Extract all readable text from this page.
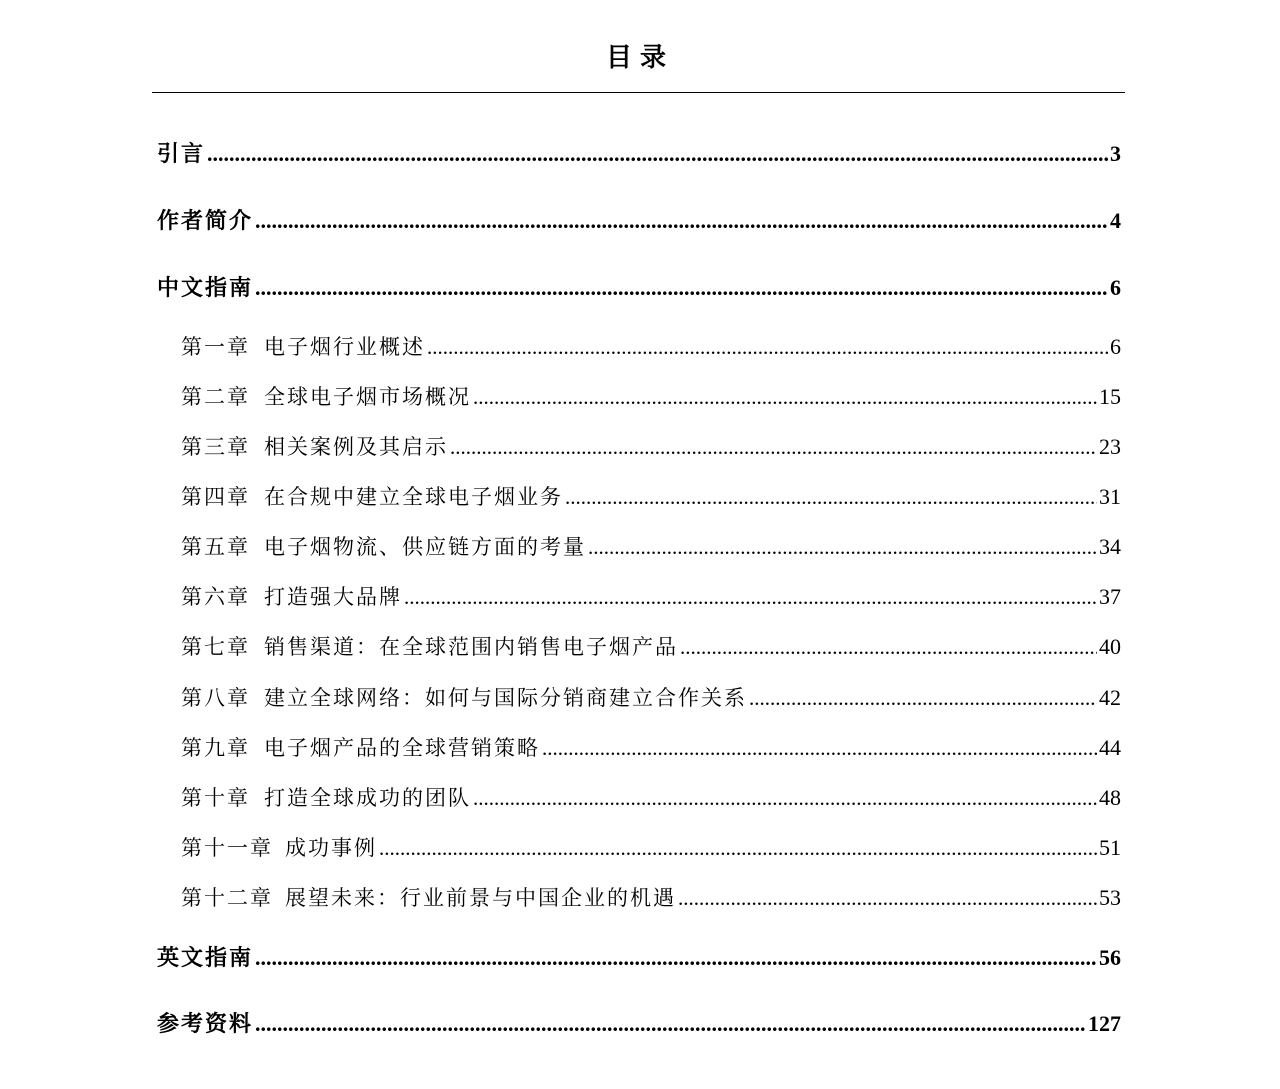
目录
引言 .....	3
作者简介 .....	4
中文指南 .....	6
第一章 电子烟行业概述 .....	6
第二章 全球电子烟市场概况 .....	15
第三章 相关案例及其启示 .....	23
第四章 在合规中建立全球电子烟业务 .....	31
第五章 电子烟物流、供应链方面的考量 .....	34
第六章 打造强大品牌 .....	37
第七章 销售渠道：在全球范围内销售电子烟产品 .....	40
第八章 建立全球网络：如何与国际分销商建立合作关系 .....	42
第九章 电子烟产品的全球营销策略 .....	44
第十章 打造全球成功的团队 .....	48
第十一章 成功事例 .....	51
第十二章 展望未来：行业前景与中国企业的机遇 .....	53
英文指南 .....	56
参考资料 .....	127
